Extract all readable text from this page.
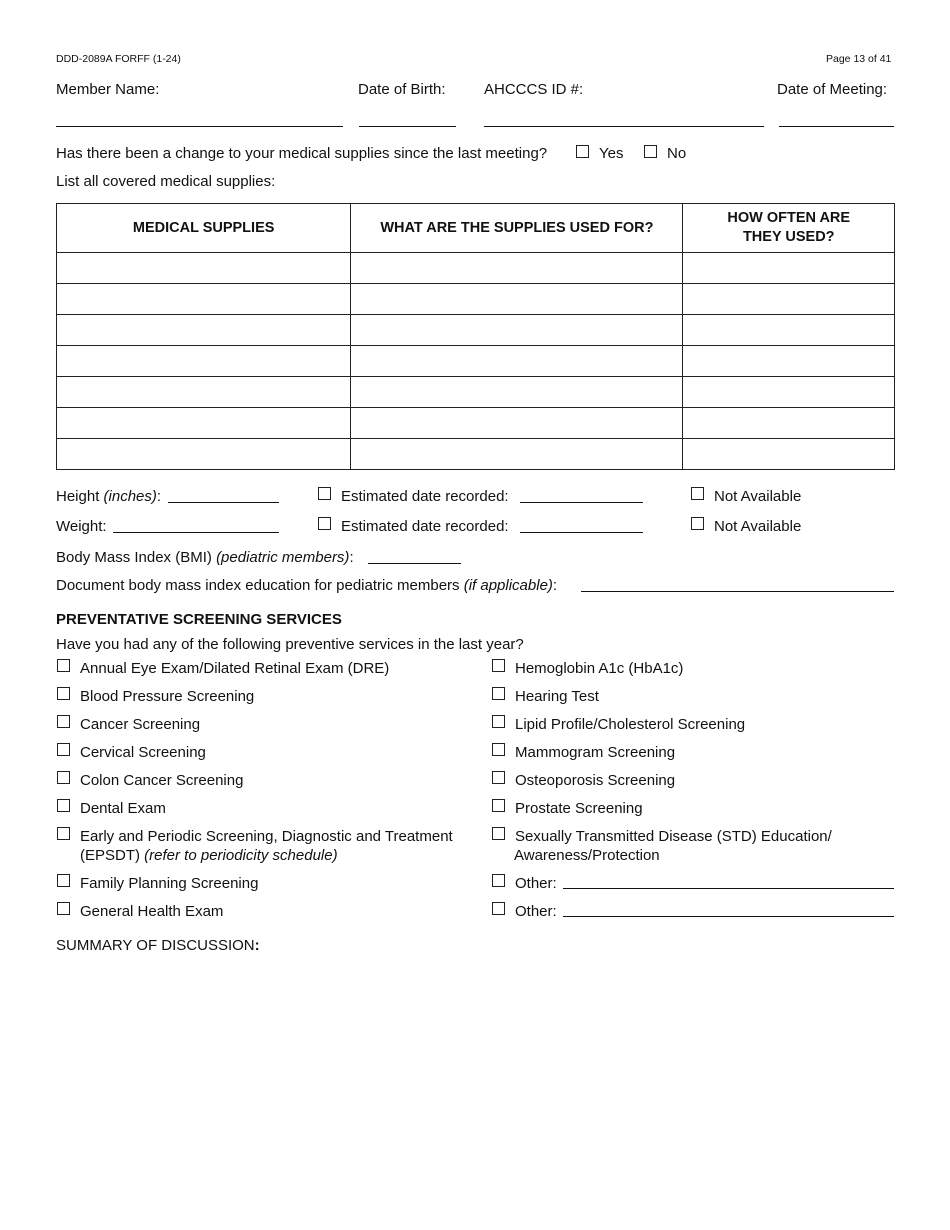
DDD-2089A FORFF (1-24)	Page 13 of 41
Member Name:	Date of Birth:	AHCCCS ID #:	Date of Meeting:
Has there been a change to your medical supplies since the last meeting?	Yes	No
List all covered medical supplies:
MEDICAL SUPPLIES	WHAT ARE THE SUPPLIES USED FOR?	HOW OFTEN ARE
THEY USED?

Height (inches):	Estimated date recorded:	Not Available
Weight:	Estimated date recorded:	Not Available
Body Mass Index (BMI) (pediatric members):
Document body mass index education for pediatric members (if applicable):
PREVENTATIVE SCREENING SERVICES
Have you had any of the following preventive services in the last year?
Annual Eye Exam/Dilated Retinal Exam (DRE)
Blood Pressure Screening
Cancer Screening
Cervical Screening
Colon Cancer Screening
Dental Exam
Early and Periodic Screening, Diagnostic and Treatment
(EPSDT) (refer to periodicity schedule)
Family Planning Screening
General Health Exam
Hemoglobin A1c (HbA1c)
Hearing Test
Lipid Profile/Cholesterol Screening
Mammogram Screening
Osteoporosis Screening
Prostate Screening
Sexually Transmitted Disease (STD) Education/
Awareness/Protection
Other:
Other:
SUMMARY OF DISCUSSION:
